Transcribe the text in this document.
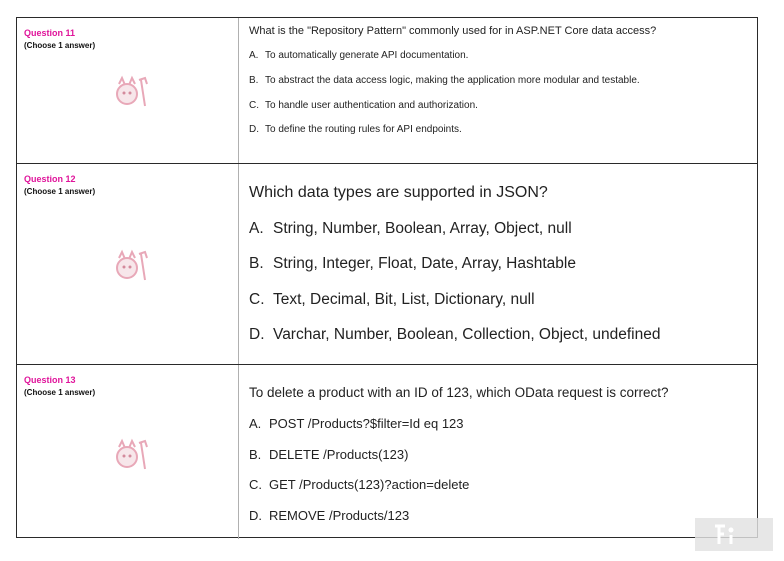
Question 11
(Choose 1 answer)
What is the "Repository Pattern" commonly used for in ASP.NET Core data access?
A. To automatically generate API documentation.
B. To abstract the data access logic, making the application more modular and testable.
C. To handle user authentication and authorization.
D. To define the routing rules for API endpoints.
Question 12
(Choose 1 answer)	Which data types are supported in JSON?
A. String, Number, Boolean, Array, Object, null
B. String, Integer, Float, Date, Array, Hashtable
C. Text, Decimal, Bit, List, Dictionary, null
D. Varchar, Number, Boolean, Collection, Object, undefined
Question 13
(Choose 1 answer)	To delete a product with an ID of 123, which OData request is correct?
A. POST /Products?$filter=Id eq 123
B. DELETE /Products(123)
C. GET /Products(123)?action=delete
D. REMOVE /Products/123
